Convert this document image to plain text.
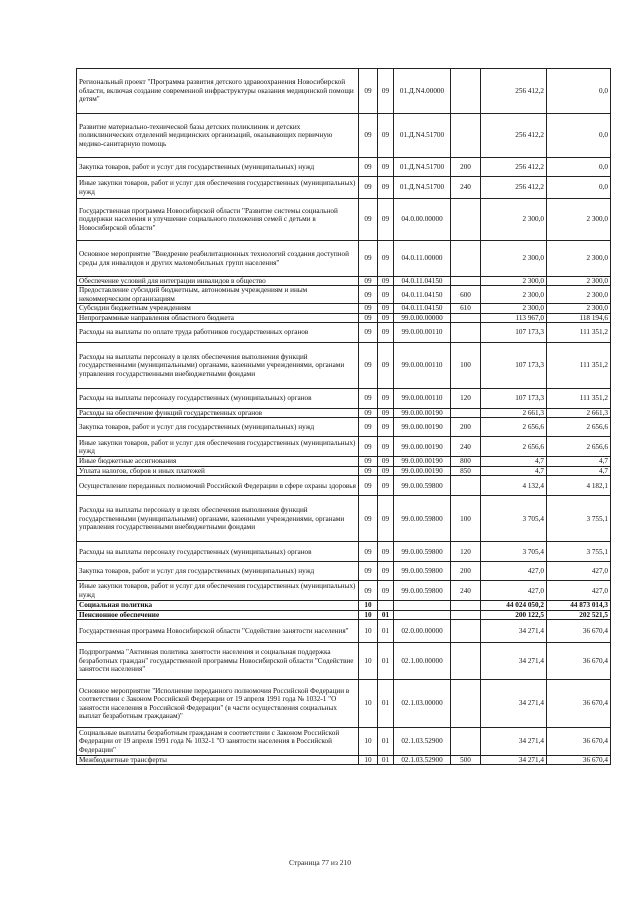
Региональный проект "Программа развития детского здравоохранения Новосибирской области, включая создание современной инфраструктуры оказания медицинской помощи детям"	09	09	01.Д.N4.00000		256 412,2	0,0
Развитие материально-технической базы детских поликлиник и детских поликлинических отделений медицинских организаций, оказывающих первичную медико-санитарную помощь	09	09	01.Д.N4.51700		256 412,2	0,0
Закупка товаров, работ и услуг для государственных (муниципальных) нужд	09	09	01.Д.N4.51700	200	256 412,2	0,0
Иные закупки товаров, работ и услуг для обеспечения государственных (муниципальных) нужд	09	09	01.Д.N4.51700	240	256 412,2	0,0
Государственная программа Новосибирской области "Развитие системы социальной поддержки населения и улучшение социального положения семей с детьми в Новосибирской области"	09	09	04.0.00.00000		2 300,0	2 300,0
Основное мероприятие "Внедрение реабилитационных технологий создания доступной среды для инвалидов и других маломобильных групп населения"	09	09	04.0.11.00000		2 300,0	2 300,0
Обеспечение условий для интеграции инвалидов в общество	09	09	04.0.11.04150		2 300,0	2 300,0
Предоставление субсидий бюджетным, автономным учреждениям и иным некоммерческим организациям	09	09	04.0.11.04150	600	2 300,0	2 300,0
Субсидии бюджетным учреждениям	09	09	04.0.11.04150	610	2 300,0	2 300,0
Непрограммные направления областного бюджета	09	09	99.0.00.00000		113 967,0	118 194,6
Расходы на выплаты по оплате труда работников государственных органов	09	09	99.0.00.00110		107 173,3	111 351,2
Расходы на выплаты персоналу в целях обеспечения выполнения функций государственными (муниципальными) органами, казенными учреждениями, органами управления государственными внебюджетными фондами	09	09	99.0.00.00110	100	107 173,3	111 351,2
Расходы на выплаты персоналу государственных (муниципальных) органов	09	09	99.0.00.00110	120	107 173,3	111 351,2
Расходы на обеспечение функций государственных органов	09	09	99.0.00.00190		2 661,3	2 661,3
Закупка товаров, работ и услуг для государственных (муниципальных) нужд	09	09	99.0.00.00190	200	2 656,6	2 656,6
Иные закупки товаров, работ и услуг для обеспечения государственных (муниципальных) нужд	09	09	99.0.00.00190	240	2 656,6	2 656,6
Иные бюджетные ассигнования	09	09	99.0.00.00190	800	4,7	4,7
Уплата налогов, сборов и иных платежей	09	09	99.0.00.00190	850	4,7	4,7
Осуществление переданных полномочий Российской Федерации в сфере охраны здоровья	09	09	99.0.00.59800		4 132,4	4 182,1
Расходы на выплаты персоналу в целях обеспечения выполнения функций государственными (муниципальными) органами, казенными учреждениями, органами управления государственными внебюджетными фондами	09	09	99.0.00.59800	100	3 705,4	3 755,1
Расходы на выплаты персоналу государственных (муниципальных) органов	09	09	99.0.00.59800	120	3 705,4	3 755,1
Закупка товаров, работ и услуг для государственных (муниципальных) нужд	09	09	99.0.00.59800	200	427,0	427,0
Иные закупки товаров, работ и услуг для обеспечения государственных (муниципальных) нужд	09	09	99.0.00.59800	240	427,0	427,0
Социальная политика	10				44 024 050,2	44 873 014,3
Пенсионное обеспечение	10	01			200 122,5	202 521,5
Государственная программа Новосибирской области "Содействие занятости населения"	10	01	02.0.00.00000		34 271,4	36 670,4
Подпрограмма "Активная политика занятости населения и социальная поддержка безработных граждан" государственной программы Новосибирской области "Содействие занятости населения"	10	01	02.1.00.00000		34 271,4	36 670,4
Основное мероприятие "Исполнение переданного полномочия Российской Федерации в соответствии с Законом Российской Федерации от 19 апреля 1991 года № 1032-1 "О занятости населения в Российской Федерации" (в части осуществления социальных выплат безработным гражданам)"	10	01	02.1.03.00000		34 271,4	36 670,4
Социальные выплаты безработным гражданам в соответствии с Законом Российской Федерации от 19 апреля 1991 года № 1032-1 "О занятости населения в Российской Федерации"	10	01	02.1.03.52900		34 271,4	36 670,4
Межбюджетные трансферты	10	01	02.1.03.52900	500	34 271,4	36 670,4
Страница 77 из 210
